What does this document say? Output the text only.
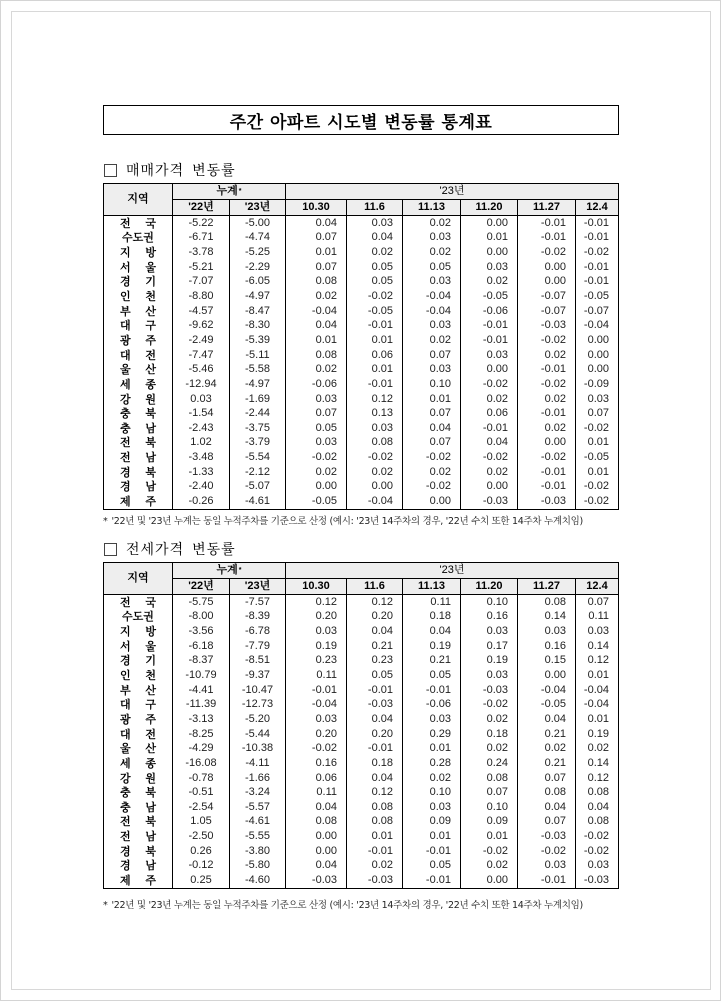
주간 아파트 시도별 변동률 통계표
매매가격 변동률
지역	누계*		'23년					
	'22년	'23년	10.30	11.6	11.13	11.20	11.27	12.4

전 국	-5.22	-5.00	0.04	0.03	0.02	0.00	-0.01	-0.01
수도권	-6.71	-4.74	0.07	0.04	0.03	0.01	-0.01	-0.01

지 방	-3.78	-5.25	0.01	0.02	0.02	0.00	-0.02	-0.02

서 울	-5.21	-2.29	0.07	0.05	0.05	0.03	0.00	-0.01

경 기	-7.07	-6.05	0.08	0.05	0.03	0.02	0.00	-0.01

인 천	-8.80	-4.97	0.02	-0.02	-0.04	-0.05	-0.07	-0.05

부 산	-4.57	-8.47	-0.04	-0.05	-0.04	-0.06	-0.07	-0.07

대 구	-9.62	-8.30	0.04	-0.01	0.03	-0.01	-0.03	-0.04

광 주	-2.49	-5.39	0.01	0.01	0.02	-0.01	-0.02	0.00

대 전	-7.47	-5.11	0.08	0.06	0.07	0.03	0.02	0.00

울 산	-5.46	-5.58	0.02	0.01	0.03	0.00	-0.01	0.00

세 종	-12.94	-4.97	-0.06	-0.01	0.10	-0.02	-0.02	-0.09

강 원	0.03	-1.69	0.03	0.12	0.01	0.02	0.02	0.03

충 북	-1.54	-2.44	0.07	0.13	0.07	0.06	-0.01	0.07

충 남	-2.43	-3.75	0.05	0.03	0.04	-0.01	0.02	-0.02

전 북	1.02	-3.79	0.03	0.08	0.07	0.04	0.00	0.01

전 남	-3.48	-5.54	-0.02	-0.02	-0.02	-0.02	-0.02	-0.05

경 북	-1.33	-2.12	0.02	0.02	0.02	0.02	-0.01	0.01

경 남	-2.40	-5.07	0.00	0.00	-0.02	0.00	-0.01	-0.02

제 주	-0.26	-4.61	-0.05	-0.04	0.00	-0.03	-0.03	-0.02
* '22년 및 '23년 누계는 동일 누적주차를 기준으로 산정 (예시: '23년 14주차의 경우, '22년 수치 또한 14주차 누계치임)
전세가격 변동률
지역	누계*		'23년					
	'22년	'23년	10.30	11.6	11.13	11.20	11.27	12.4

전 국	-5.75	-7.57	0.12	0.12	0.11	0.10	0.08	0.07
수도권	-8.00	-8.39	0.20	0.20	0.18	0.16	0.14	0.11

지 방	-3.56	-6.78	0.03	0.04	0.04	0.03	0.03	0.03

서 울	-6.18	-7.79	0.19	0.21	0.19	0.17	0.16	0.14

경 기	-8.37	-8.51	0.23	0.23	0.21	0.19	0.15	0.12

인 천	-10.79	-9.37	0.11	0.05	0.05	0.03	0.00	0.01

부 산	-4.41	-10.47	-0.01	-0.01	-0.01	-0.03	-0.04	-0.04

대 구	-11.39	-12.73	-0.04	-0.03	-0.06	-0.02	-0.05	-0.04

광 주	-3.13	-5.20	0.03	0.04	0.03	0.02	0.04	0.01

대 전	-8.25	-5.44	0.20	0.20	0.29	0.18	0.21	0.19

울 산	-4.29	-10.38	-0.02	-0.01	0.01	0.02	0.02	0.02

세 종	-16.08	-4.11	0.16	0.18	0.28	0.24	0.21	0.14

강 원	-0.78	-1.66	0.06	0.04	0.02	0.08	0.07	0.12

충 북	-0.51	-3.24	0.11	0.12	0.10	0.07	0.08	0.08

충 남	-2.54	-5.57	0.04	0.08	0.03	0.10	0.04	0.04

전 북	1.05	-4.61	0.08	0.08	0.09	0.09	0.07	0.08

전 남	-2.50	-5.55	0.00	0.01	0.01	0.01	-0.03	-0.02

경 북	0.26	-3.80	0.00	-0.01	-0.01	-0.02	-0.02	-0.02

경 남	-0.12	-5.80	0.04	0.02	0.05	0.02	0.03	0.03

제 주	0.25	-4.60	-0.03	-0.03	-0.01	0.00	-0.01	-0.03
* '22년 및 '23년 누계는 동일 누적주차를 기준으로 산정 (예시: '23년 14주차의 경우, '22년 수치 또한 14주차 누계치임)
